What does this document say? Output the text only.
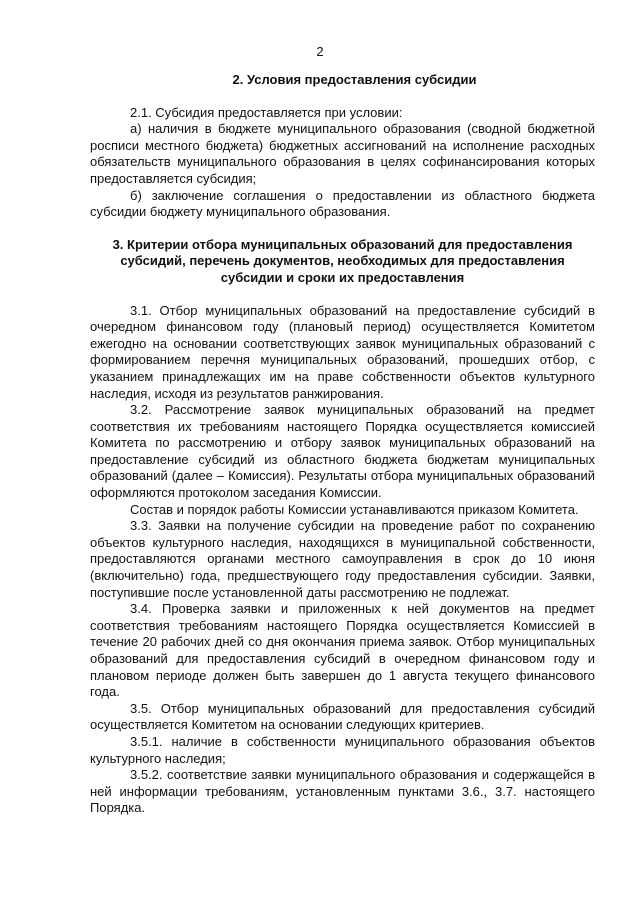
2
2. Условия предоставления субсидии

2.1. Субсидия предоставляется при условии:

а) наличия в бюджете муниципального образования (сводной бюджетной росписи местного бюджета) бюджетных ассигнований на исполнение расходных обязательств муниципального образования в целях софинансирования которых предоставляется субсидия;

б) заключение соглашения о предоставлении из областного бюджета субсидии бюджету муниципального образования.

3. Критерии отбора муниципальных образований для предоставления субсидий, перечень документов, необходимых для предоставления субсидии и сроки их предоставления

3.1. Отбор муниципальных образований на предоставление субсидий в очередном финансовом году (плановый период) осуществляется Комитетом ежегодно на основании соответствующих заявок муниципальных образований с формированием перечня муниципальных образований, прошедших отбор, с указанием принадлежащих им на праве собственности объектов культурного наследия, исходя из результатов ранжирования.

3.2. Рассмотрение заявок муниципальных образований на предмет соответствия их требованиям настоящего Порядка осуществляется комиссией Комитета по рассмотрению и отбору заявок муниципальных образований на предоставление субсидий из областного бюджета бюджетам муниципальных образований (далее – Комиссия). Результаты отбора муниципальных образований оформляются протоколом заседания Комиссии.

Состав и порядок работы Комиссии устанавливаются приказом Комитета.

3.3. Заявки на получение субсидии на проведение работ по сохранению объектов культурного наследия, находящихся в муниципальной собственности, предоставляются органами местного самоуправления в срок до 10 июня (включительно) года, предшествующего году предоставления субсидии. Заявки, поступившие после установленной даты рассмотрению не подлежат.

3.4. Проверка заявки и приложенных к ней документов на предмет соответствия требованиям настоящего Порядка осуществляется Комиссией в течение 20 рабочих дней со дня окончания приема заявок. Отбор муниципальных образований для предоставления субсидий в очередном финансовом году и плановом периоде должен быть завершен до 1 августа текущего финансового года.

3.5. Отбор муниципальных образований для предоставления субсидий осуществляется Комитетом на основании следующих критериев.

3.5.1. наличие в собственности муниципального образования объектов культурного наследия;

3.5.2. соответствие заявки муниципального образования и содержащейся в ней информации требованиям, установленным пунктами 3.6., 3.7. настоящего Порядка.
